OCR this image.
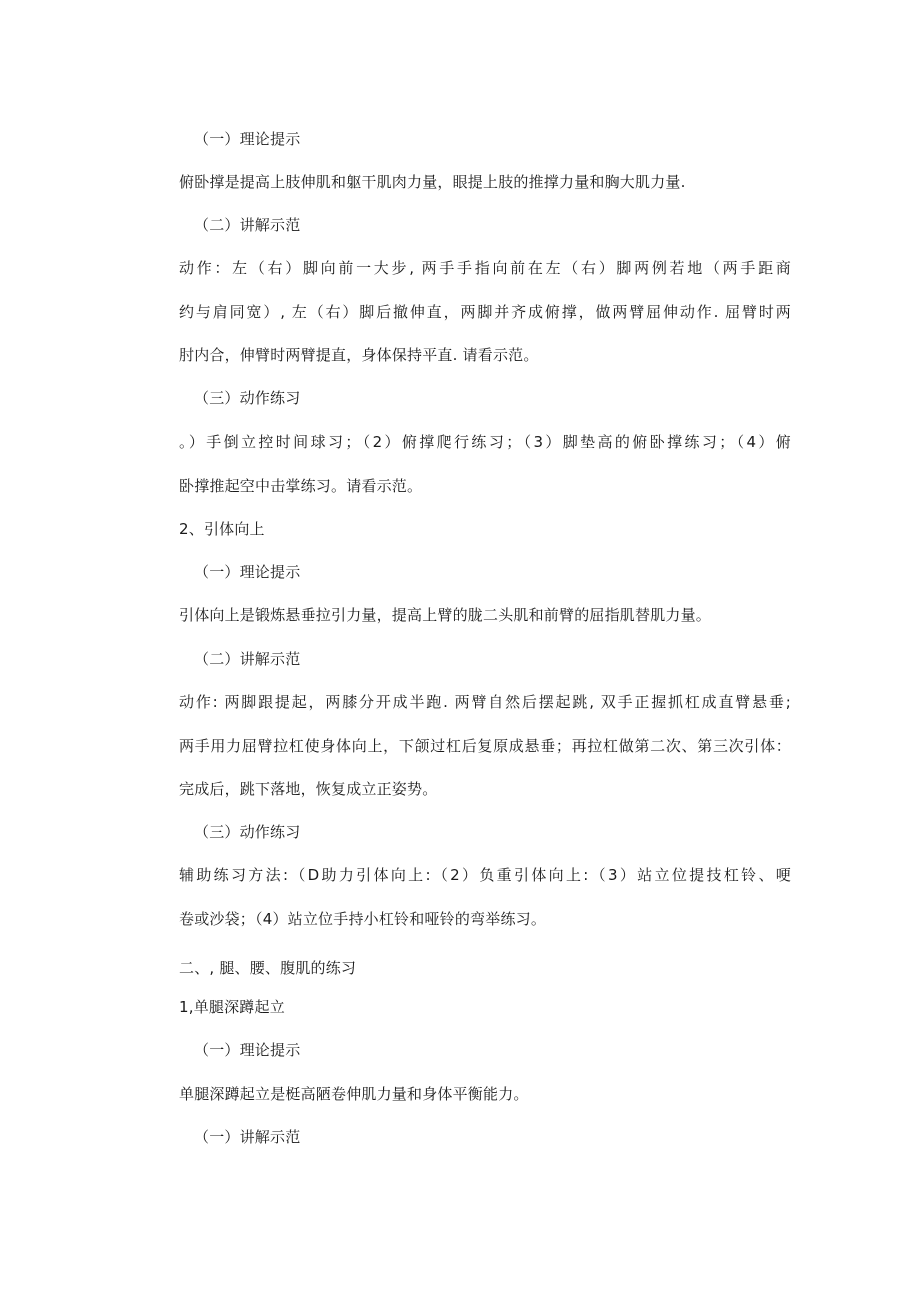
（一）理论提示

俯卧撑是提高上肢伸肌和躯干肌肉力量，眼提上肢的推撑力量和胸大肌力量.

（二）讲解示范

动作：左（右）脚向前一大步, 两手手指向前在左（右）脚两例若地（两手距商

约与肩同宽）, 左（右）脚后撤伸直，两脚并齐成俯撑，做两臂屈伸动作. 屈臂时两

肘内合，伸臂时两臂提直，身体保持平直. 请看示范。

（三）动作练习

。）手倒立控时间球习；（2）俯撑爬行练习；（3）脚垫高的俯卧撑练习；（4）俯

卧撑推起空中击掌练习。请看示范。

2、引体向上

（一）理论提示

引体向上是锻炼悬垂拉引力量，提高上臂的胧二头肌和前臂的屈指肌替肌力量。

（二）讲解示范

动作: 两脚跟提起，两膝分开成半跑. 两臂自然后摆起跳, 双手正握抓杠成直臂悬垂;

两手用力屈臂拉杠使身体向上，下颌过杠后复原成悬垂；再拉杠做第二次、第三次引体：

完成后，跳下落地，恢复成立正姿势。

（三）动作练习

辅助练习方法:（D助力引体向上:（2）负重引体向上:（3）站立位提技杠铃、哽

卷或沙袋；（4）站立位手持小杠铃和哑铃的弯举练习。

二、, 腿、腰、腹肌的练习

1,单腿深蹲起立

（一）理论提示

单腿深蹲起立是梃高陋卷伸肌力量和身体平衡能力。

（一）讲解示范
